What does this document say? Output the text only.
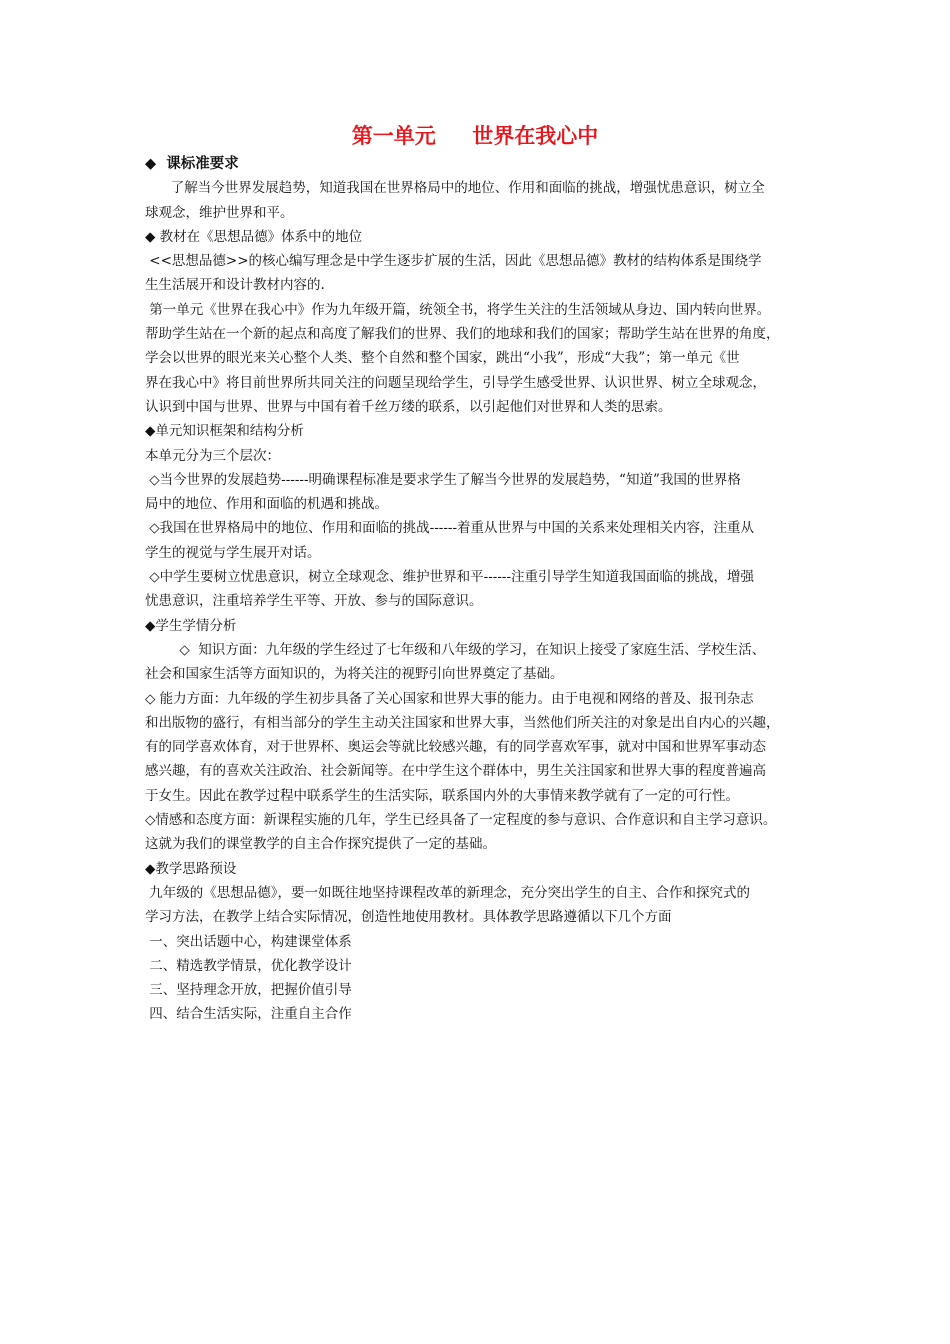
第一单元     世界在我心中
◆  课标准要求
了解当今世界发展趋势，知道我国在世界格局中的地位、作用和面临的挑战，增强忧患意识，树立全
球观念，维护世界和平。
◆ 教材在《思想品德》体系中的地位
<<思想品德>>的核心编写理念是中学生逐步扩展的生活，因此《思想品德》教材的结构体系是围绕学
生生活展开和设计教材内容的.
第一单元《世界在我心中》作为九年级开篇，统领全书，将学生关注的生活领域从身边、国内转向世界。
帮助学生站在一个新的起点和高度了解我们的世界、我们的地球和我们的国家；帮助学生站在世界的角度，
学会以世界的眼光来关心整个人类、整个自然和整个国家，跳出“小我”，形成“大我”；第一单元《世
界在我心中》将目前世界所共同关注的问题呈现给学生，引导学生感受世界、认识世界、树立全球观念，
认识到中国与世界、世界与中国有着千丝万缕的联系，以引起他们对世界和人类的思索。
◆单元知识框架和结构分析
本单元分为三个层次：
◇当今世界的发展趋势------明确课程标准是要求学生了解当今世界的发展趋势，“知道”我国的世界格
局中的地位、作用和面临的机遇和挑战。
◇我国在世界格局中的地位、作用和面临的挑战------着重从世界与中国的关系来处理相关内容，注重从
学生的视觉与学生展开对话。
◇中学生要树立忧患意识，树立全球观念、维护世界和平------注重引导学生知道我国面临的挑战，增强
忧患意识，注重培养学生平等、开放、参与的国际意识。
◆学生学情分析
◇  知识方面：九年级的学生经过了七年级和八年级的学习，在知识上接受了家庭生活、学校生活、
社会和国家生活等方面知识的，为将关注的视野引向世界奠定了基础。
◇ 能力方面：九年级的学生初步具备了关心国家和世界大事的能力。由于电视和网络的普及、报刊杂志
和出版物的盛行，有相当部分的学生主动关注国家和世界大事，当然他们所关注的对象是出自内心的兴趣，
有的同学喜欢体育，对于世界杯、奥运会等就比较感兴趣，有的同学喜欢军事，就对中国和世界军事动态
感兴趣，有的喜欢关注政治、社会新闻等。在中学生这个群体中，男生关注国家和世界大事的程度普遍高
于女生。因此在教学过程中联系学生的生活实际，联系国内外的大事情来教学就有了一定的可行性。
◇情感和态度方面：新课程实施的几年，学生已经具备了一定程度的参与意识、合作意识和自主学习意识。
这就为我们的课堂教学的自主合作探究提供了一定的基础。
◆教学思路预设
九年级的《思想品德》，要一如既往地坚持课程改革的新理念，充分突出学生的自主、合作和探究式的
学习方法，在教学上结合实际情况，创造性地使用教材。具体教学思路遵循以下几个方面
一、突出话题中心，构建课堂体系
二、精选教学情景，优化教学设计
三、坚持理念开放，把握价值引导
四、结合生活实际，注重自主合作
